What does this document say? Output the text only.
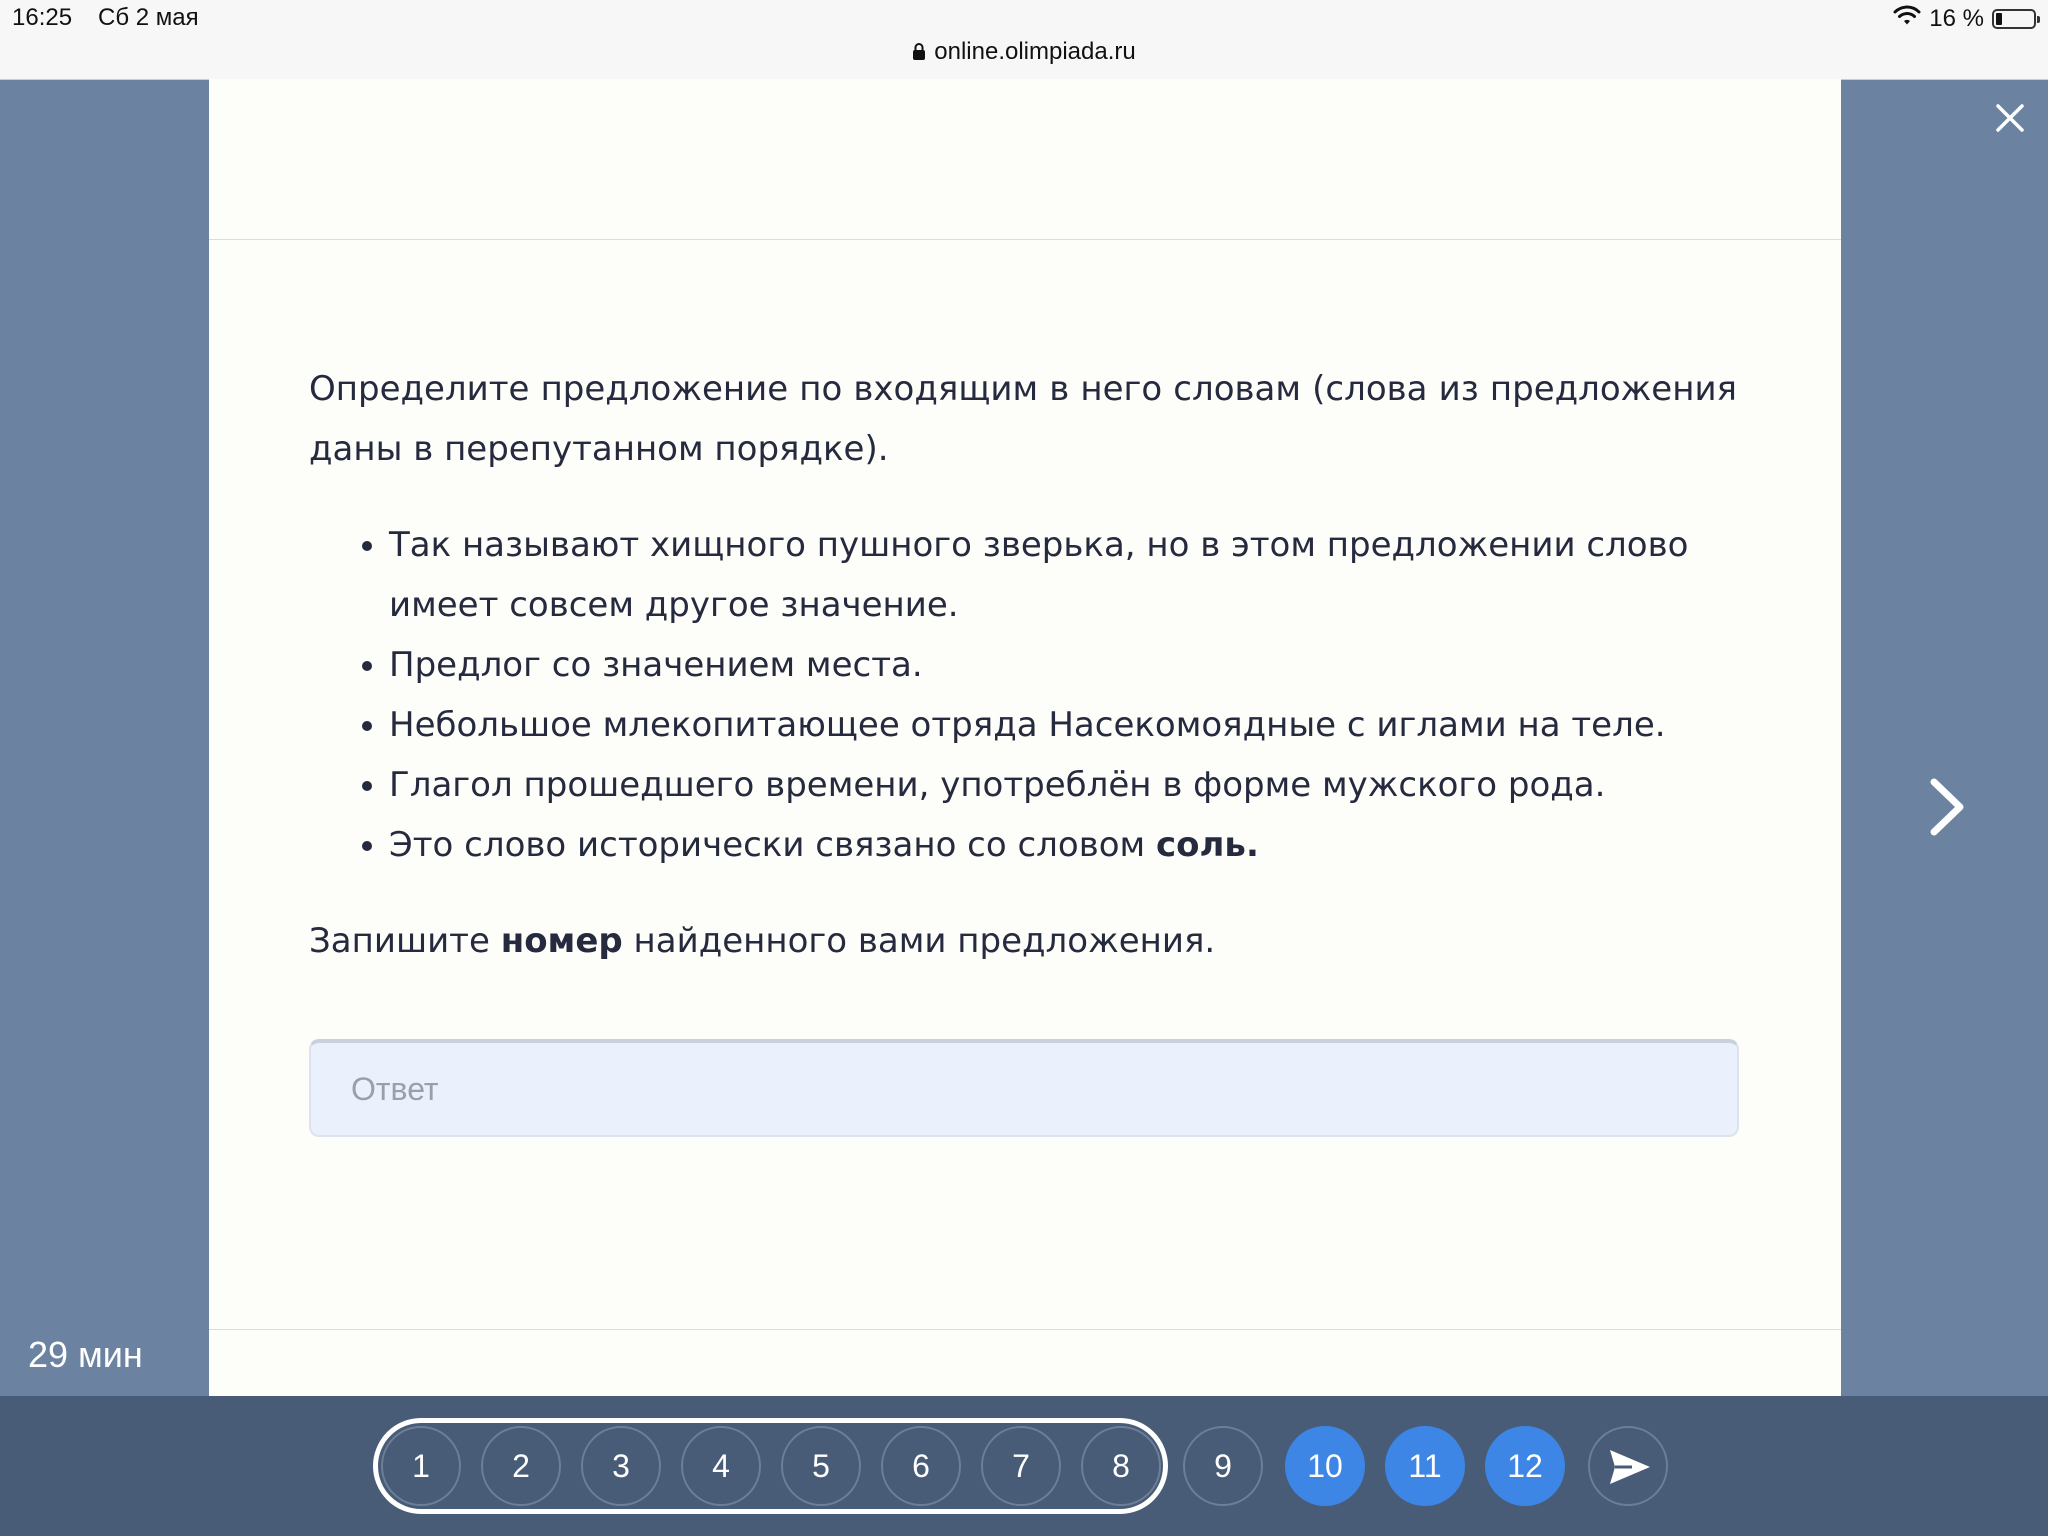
16:25 Сб 2 мая
online.olimpiada.ru
16 %

Определите предложение по входящим в него словам (слова из предложения даны в перепутанном порядке).

• Так называют хищного пушного зверька, но в этом предложении слово имеет совсем другое значение.
• Предлог со значением места.
• Небольшое млекопитающее отряда Насекомоядные с иглами на теле.
• Глагол прошедшего времени, употреблён в форме мужского рода.
• Это слово исторически связано со словом соль.

Запишите номер найденного вами предложения.

Ответ
29 мин
1	2	3	4	5	6	7	8	9	10	11	12
